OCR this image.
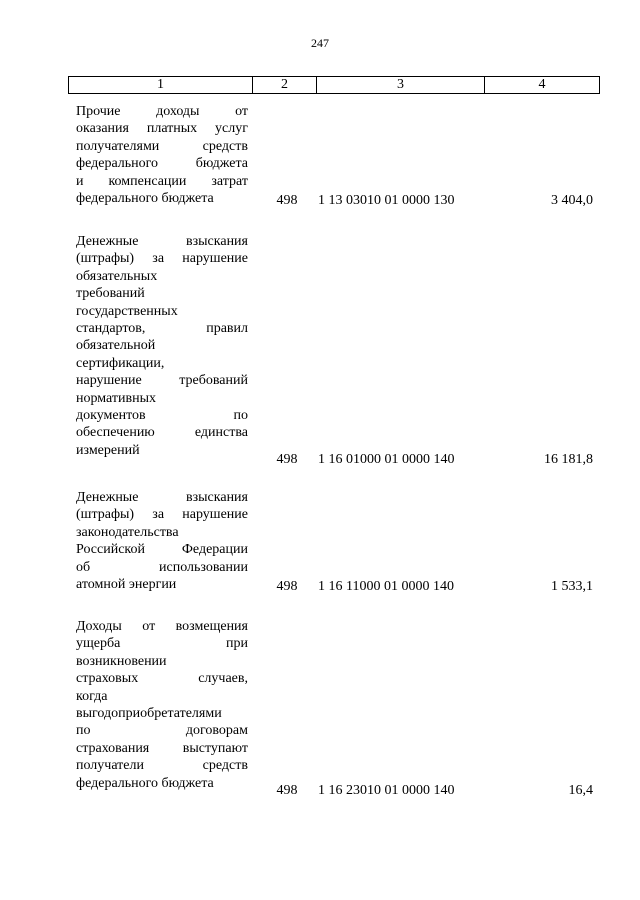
247
1	2	3	4
Прочие доходы от
оказания платных услуг
получателями средств
федерального бюджета
и компенсации затрат
федерального бюджета	498	1 13 03010 01 0000 130	3 404,0
Денежные взыскания
(штрафы) за нарушение
обязательных
требований
государственных
стандартов, правил
обязательной
сертификации,
нарушение требований
нормативных
документов по
обеспечению единства
измерений
498	1 16 01000 01 0000 140	16 181,8
Денежные взыскания
(штрафы) за нарушение
законодательства
Российской Федерации
об использовании
атомной энергии	498	1 16 11000 01 0000 140	1 533,1
Доходы от возмещения
ущерба при
возникновении
страховых случаев,
когда
выгодоприобретателями
по договорам
страхования выступают
получатели средств
федерального бюджета	498	1 16 23010 01 0000 140	16,4
